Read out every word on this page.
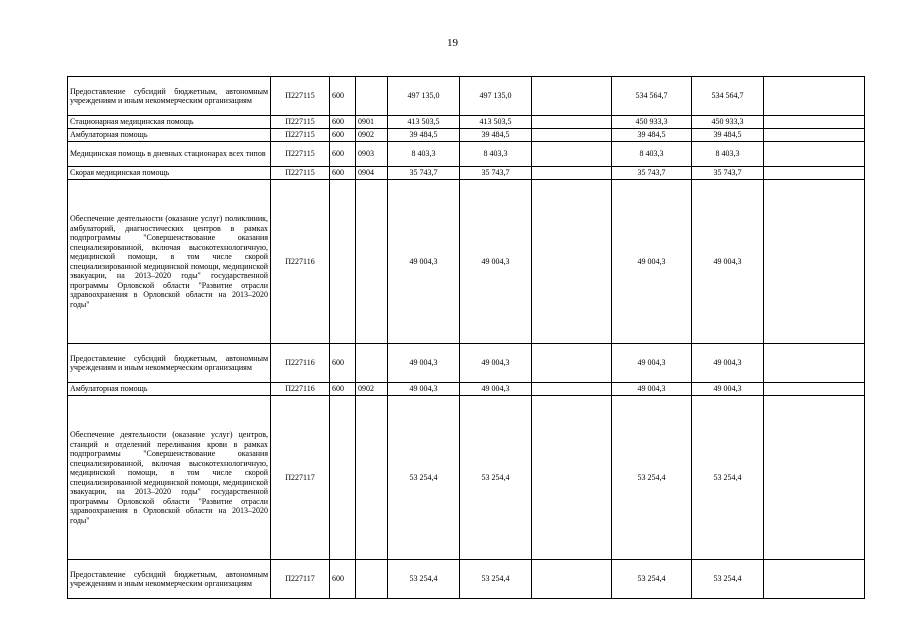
19
Предоставление субсидий бюджетным, автономным учреждениям и иным некоммерческим организациям	П227115	600		497 135,0	497 135,0		534 564,7	534 564,7	
Стационарная медицинская помощь	П227115	600	0901	413 503,5	413 503,5		450 933,3	450 933,3	
Амбулаторная помощь	П227115	600	0902	39 484,5	39 484,5		39 484,5	39 484,5	
Медицинская помощь в дневных стационарах всех типов	П227115	600	0903	8 403,3	8 403,3		8 403,3	8 403,3	
Скорая медицинская помощь	П227115	600	0904	35 743,7	35 743,7		35 743,7	35 743,7	
Обеспечение деятельности (оказание услуг) поликлиник, амбулаторий, диагностических центров в рамках подпрограммы "Совершенствование оказания специализированной, включая высокотехнологичную, медицинской помощи, в том числе скорой специализированной медицинской помощи, медицинской эвакуации, на 2013–2020 годы" государственной программы Орловской области "Развитие отрасли здравоохранения в Орловской области на 2013–2020 годы"	П227116			49 004,3	49 004,3		49 004,3	49 004,3	
Предоставление субсидий бюджетным, автономным учреждениям и иным некоммерческим организациям	П227116	600		49 004,3	49 004,3		49 004,3	49 004,3	
Амбулаторная помощь	П227116	600	0902	49 004,3	49 004,3		49 004,3	49 004,3	
Обеспечение деятельности (оказание услуг) центров, станций и отделений переливания крови в рамках подпрограммы "Совершенствование оказания специализированной, включая высокотехнологичную, медицинской помощи, в том числе скорой специализированной медицинской помощи, медицинской эвакуации, на 2013–2020 годы" государственной программы Орловской области "Развитие отрасли здравоохранения в Орловской области на 2013–2020 годы"	П227117			53 254,4	53 254,4		53 254,4	53 254,4	
Предоставление субсидий бюджетным, автономным учреждениям и иным некоммерческим организациям	П227117	600		53 254,4	53 254,4		53 254,4	53 254,4	
